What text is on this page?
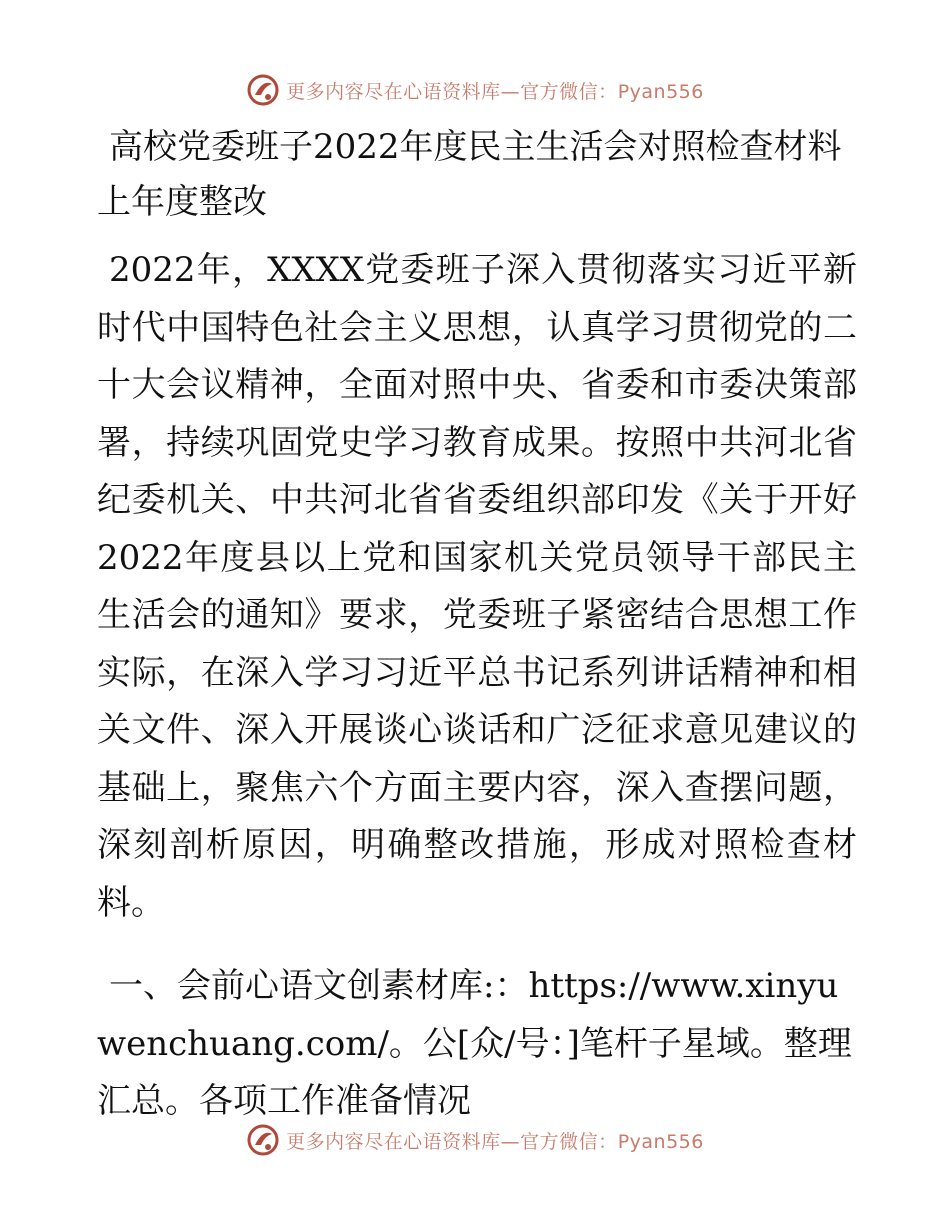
更多内容尽在心语资料库—官方微信：Pyan556
高校党委班子2022年度民主生活会对照检查材料上年度整改

2022年，XXXX党委班子深入贯彻落实习近平新时代中国特色社会主义思想，认真学习贯彻党的二十大会议精神，全面对照中央、省委和市委决策部署，持续巩固党史学习教育成果。按照中共河北省纪委机关、中共河北省省委组织部印发《关于开好2022年度县以上党和国家机关党员领导干部民主生活会的通知》要求，党委班子紧密结合思想工作实际，在深入学习习近平总书记系列讲话精神和相关文件、深入开展谈心谈话和广泛征求意见建议的基础上，聚焦六个方面主要内容，深入查摆问题，深刻剖析原因，明确整改措施，形成对照检查材料。

一、会前心语文创素材库:：https://www.xinyuwenchuang.com/。公[众/号：]笔杆子星域。整理汇总。各项工作准备情况

更多内容尽在心语资料库—官方微信：Pyan556
